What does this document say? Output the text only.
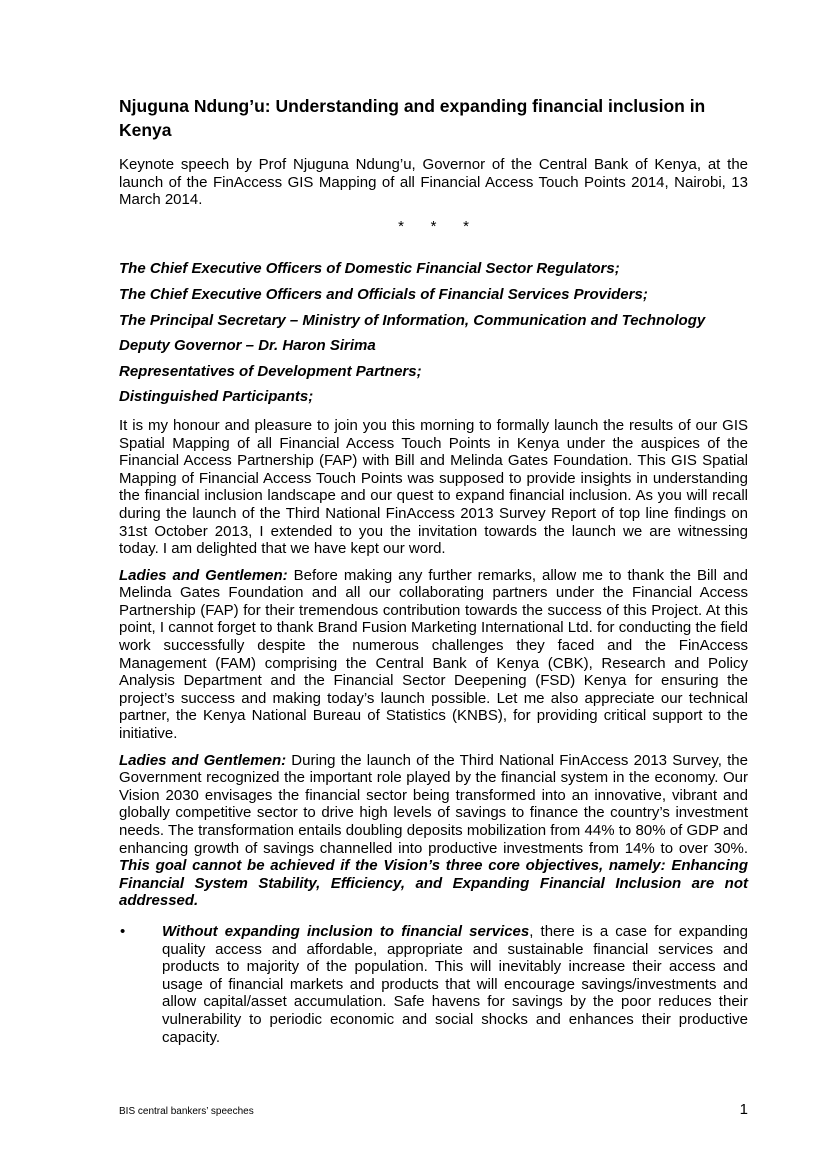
Njuguna Ndung’u: Understanding and expanding financial inclusion in Kenya

Keynote speech by Prof Njuguna Ndung’u, Governor of the Central Bank of Kenya, at the launch of the FinAccess GIS Mapping of all Financial Access Touch Points 2014, Nairobi, 13 March 2014.

* * *

The Chief Executive Officers of Domestic Financial Sector Regulators;

The Chief Executive Officers and Officials of Financial Services Providers;

The Principal Secretary – Ministry of Information, Communication and Technology

Deputy Governor – Dr. Haron Sirima

Representatives of Development Partners;

Distinguished Participants;

It is my honour and pleasure to join you this morning to formally launch the results of our GIS Spatial Mapping of all Financial Access Touch Points in Kenya under the auspices of the Financial Access Partnership (FAP) with Bill and Melinda Gates Foundation. This GIS Spatial Mapping of Financial Access Touch Points was supposed to provide insights in understanding the financial inclusion landscape and our quest to expand financial inclusion. As you will recall during the launch of the Third National FinAccess 2013 Survey Report of top line findings on 31st October 2013, I extended to you the invitation towards the launch we are witnessing today. I am delighted that we have kept our word.

Ladies and Gentlemen: Before making any further remarks, allow me to thank the Bill and Melinda Gates Foundation and all our collaborating partners under the Financial Access Partnership (FAP) for their tremendous contribution towards the success of this Project. At this point, I cannot forget to thank Brand Fusion Marketing International Ltd. for conducting the field work successfully despite the numerous challenges they faced and the FinAccess Management (FAM) comprising the Central Bank of Kenya (CBK), Research and Policy Analysis Department and the Financial Sector Deepening (FSD) Kenya for ensuring the project’s success and making today’s launch possible. Let me also appreciate our technical partner, the Kenya National Bureau of Statistics (KNBS), for providing critical support to the initiative.

Ladies and Gentlemen: During the launch of the Third National FinAccess 2013 Survey, the Government recognized the important role played by the financial system in the economy. Our Vision 2030 envisages the financial sector being transformed into an innovative, vibrant and globally competitive sector to drive high levels of savings to finance the country’s investment needs. The transformation entails doubling deposits mobilization from 44% to 80% of GDP and enhancing growth of savings channelled into productive investments from 14% to over 30%. This goal cannot be achieved if the Vision’s three core objectives, namely: Enhancing Financial System Stability, Efficiency, and Expanding Financial Inclusion are not addressed.

• Without expanding inclusion to financial services, there is a case for expanding quality access and affordable, appropriate and sustainable financial services and products to majority of the population. This will inevitably increase their access and usage of financial markets and products that will encourage savings/investments and allow capital/asset accumulation. Safe havens for savings by the poor reduces their vulnerability to periodic economic and social shocks and enhances their productive capacity.
BIS central bankers’ speeches	1
